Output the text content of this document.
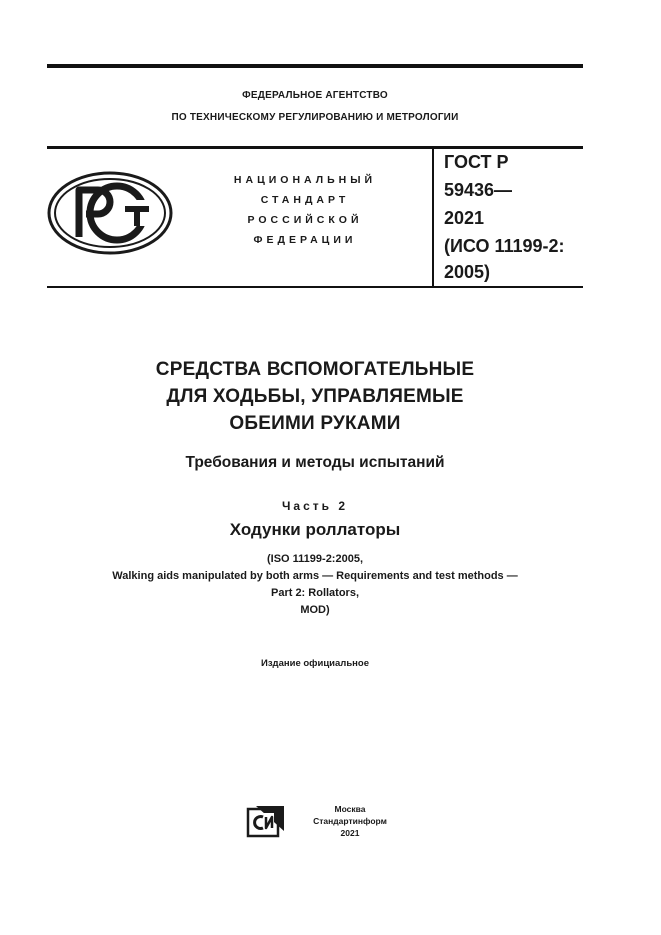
ФЕДЕРАЛЬНОЕ АГЕНТСТВО
ПО ТЕХНИЧЕСКОМУ РЕГУЛИРОВАНИЮ И МЕТРОЛОГИИ
НАЦИОНАЛЬНЫЙ
СТАНДАРТ
РОССИЙСКОЙ
ФЕДЕРАЦИИ
ГОСТ Р
59436—
2021
(ИСО 11199-2:
2005)
СРЕДСТВА ВСПОМОГАТЕЛЬНЫЕ
ДЛЯ ХОДЬБЫ, УПРАВЛЯЕМЫЕ
ОБЕИМИ РУКАМИ
Требования и методы испытаний
Часть 2
Ходунки роллаторы
(ISO 11199-2:2005,
Walking aids manipulated by both arms — Requirements and test methods —
Part 2: Rollators,
MOD)
Издание официальное
Москва
Стандартинформ
2021
